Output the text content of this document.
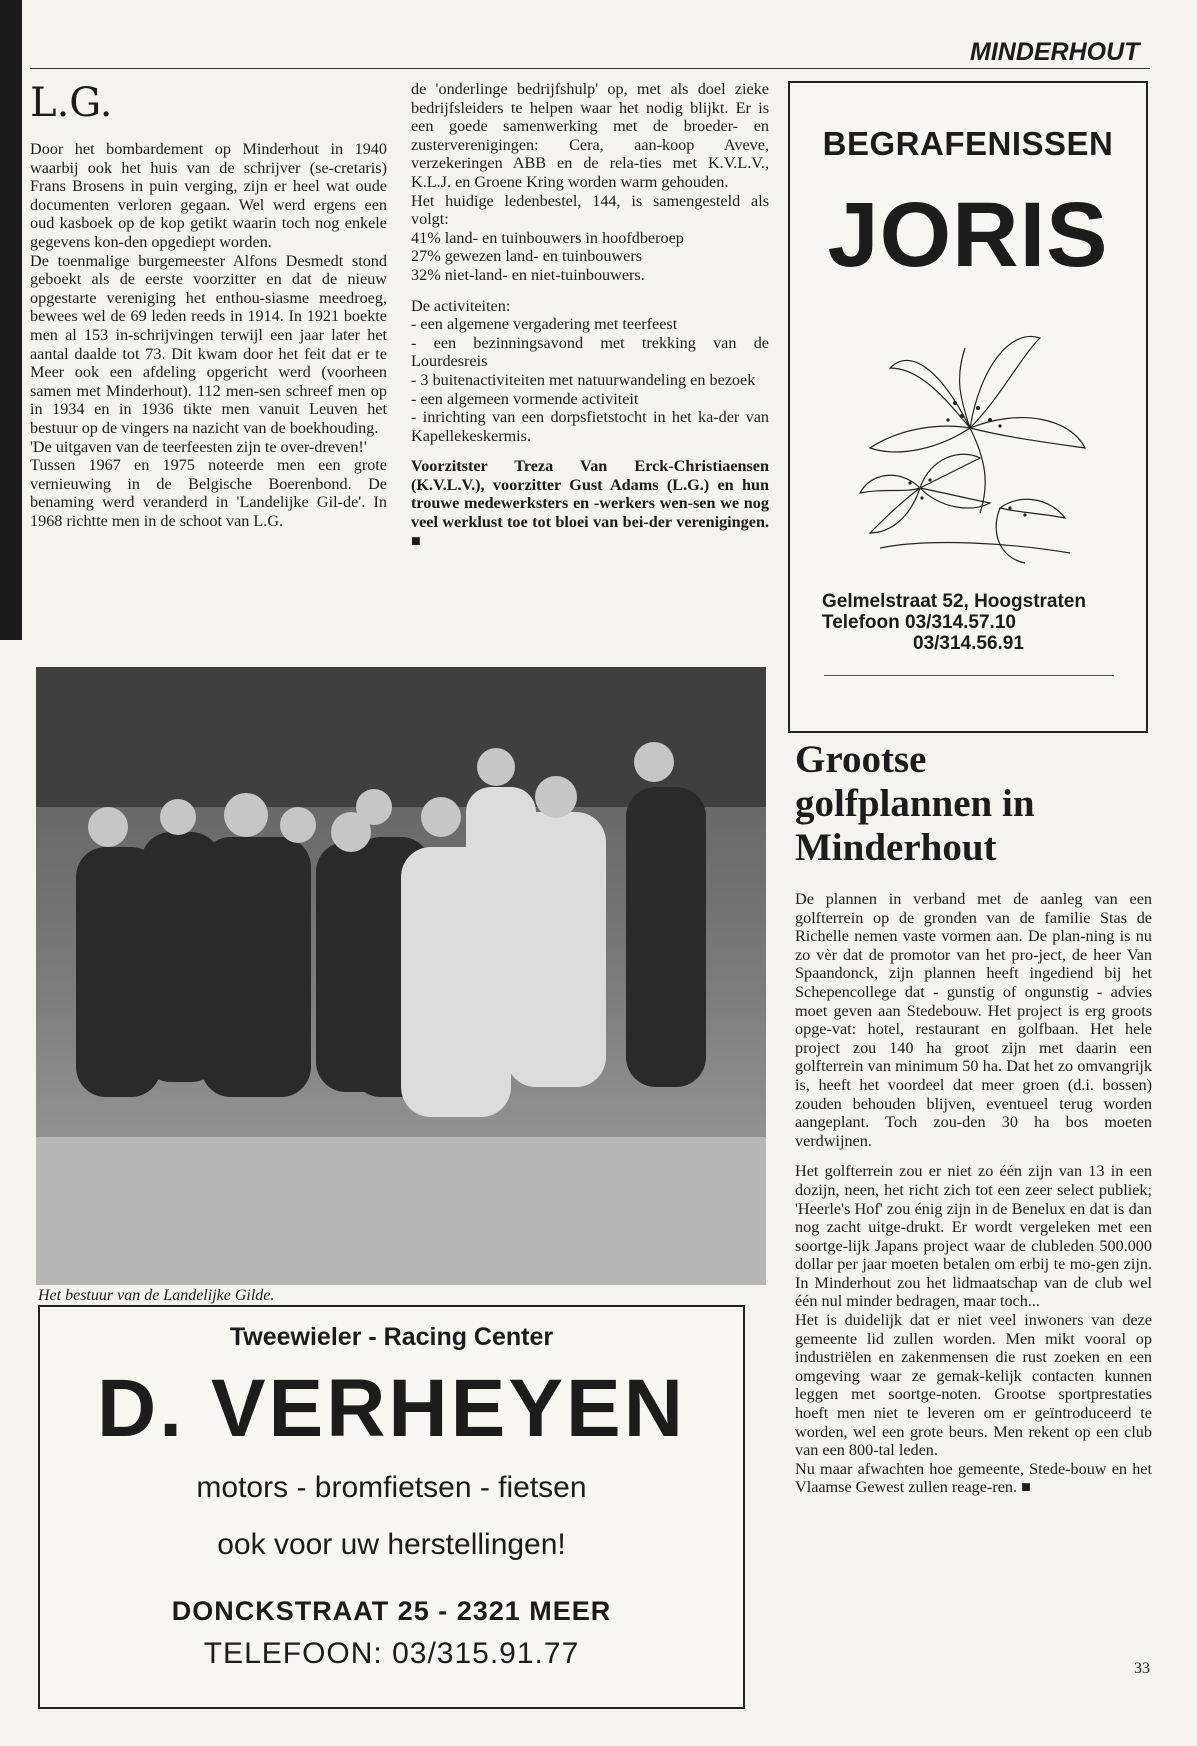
MINDERHOUT
L.G.

Door het bombardement op Minderhout in 1940 waarbij ook het huis van de schrijver (se-cretaris) Frans Brosens in puin verging, zijn er heel wat oude documenten verloren gegaan. Wel werd ergens een oud kasboek op de kop getikt waarin toch nog enkele gegevens kon-den opgediept worden.

De toenmalige burgemeester Alfons Desmedt stond geboekt als de eerste voorzitter en dat de nieuw opgestarte vereniging het enthou-siasme meedroeg, bewees wel de 69 leden reeds in 1914. In 1921 boekte men al 153 in-schrijvingen terwijl een jaar later het aantal daalde tot 73. Dit kwam door het feit dat er te Meer ook een afdeling opgericht werd (voorheen samen met Minderhout). 112 men-sen schreef men op in 1934 en in 1936 tikte men vanuit Leuven het bestuur op de vingers na nazicht van de boekhouding.

'De uitgaven van de teerfeesten zijn te over-dreven!'

Tussen 1967 en 1975 noteerde men een grote vernieuwing in de Belgische Boerenbond. De benaming werd veranderd in 'Landelijke Gil-de'. In 1968 richtte men in de schoot van L.G.

de 'onderlinge bedrijfshulp' op, met als doel zieke bedrijfsleiders te helpen waar het nodig blijkt. Er is een goede samenwerking met de broeder- en zusterverenigingen: Cera, aan-koop Aveve, verzekeringen ABB en de rela-ties met K.V.L.V., K.L.J. en Groene Kring worden warm gehouden.

Het huidige ledenbestel, 144, is samengesteld als volgt:

41% land- en tuinbouwers in hoofdberoep

27% gewezen land- en tuinbouwers

32% niet-land- en niet-tuinbouwers.

De activiteiten:

- een algemene vergadering met teerfeest

- een bezinningsavond met trekking van de Lourdesreis

- 3 buitenactiviteiten met natuurwandeling en bezoek

- een algemeen vormende activiteit

- inrichting van een dorpsfietstocht in het ka-der van Kapellekeskermis.

Voorzitster Treza Van Erck-Christiaensen (K.V.L.V.), voorzitter Gust Adams (L.G.) en hun trouwe medewerksters en -werkers wen-sen we nog veel werklust toe tot bloei van bei-der verenigingen. ■

BEGRAFENISSEN
JORIS
Gelmelstraat 52, Hoogstraten
Telefoon 03/314.57.10
03/314.56.91
Het bestuur van de Landelijke Gilde.
Tweewieler - Racing Center
D. VERHEYEN
motors - bromfietsen - fietsen
ook voor uw herstellingen!
DONCKSTRAAT 25 - 2321 MEER
TELEFOON: 03/315.91.77
Grootse
golfplannen in
Minderhout

De plannen in verband met de aanleg van een golfterrein op de gronden van de familie Stas de Richelle nemen vaste vormen aan. De plan-ning is nu zo vèr dat de promotor van het pro-ject, de heer Van Spaandonck, zijn plannen heeft ingediend bij het Schepencollege dat - gunstig of ongunstig - advies moet geven aan Stedebouw. Het project is erg groots opge-vat: hotel, restaurant en golfbaan. Het hele project zou 140 ha groot zijn met daarin een golfterrein van minimum 50 ha. Dat het zo omvangrijk is, heeft het voordeel dat meer groen (d.i. bossen) zouden behouden blijven, eventueel terug worden aangeplant. Toch zou-den 30 ha bos moeten verdwijnen.

Het golfterrein zou er niet zo één zijn van 13 in een dozijn, neen, het richt zich tot een zeer select publiek; 'Heerle's Hof' zou énig zijn in de Benelux en dat is dan nog zacht uitge-drukt. Er wordt vergeleken met een soortge-lijk Japans project waar de clubleden 500.000 dollar per jaar moeten betalen om erbij te mo-gen zijn. In Minderhout zou het lidmaatschap van de club wel één nul minder bedragen, maar toch...

Het is duidelijk dat er niet veel inwoners van deze gemeente lid zullen worden. Men mikt vooral op industriëlen en zakenmensen die rust zoeken en een omgeving waar ze gemak-kelijk contacten kunnen leggen met soortge-noten. Grootse sportprestaties hoeft men niet te leveren om er geïntroduceerd te worden, wel een grote beurs. Men rekent op een club van een 800-tal leden.

Nu maar afwachten hoe gemeente, Stede-bouw en het Vlaamse Gewest zullen reage-ren. ■

33
